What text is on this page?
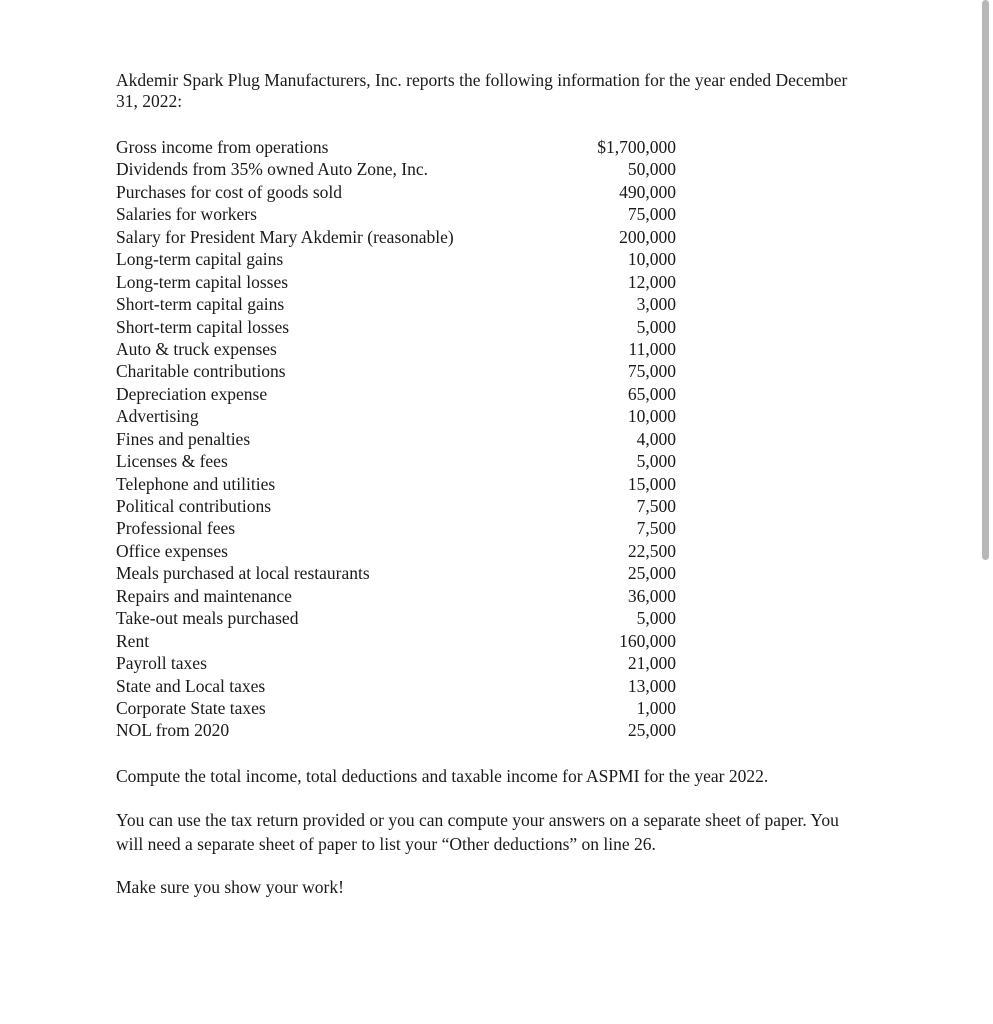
Akdemir Spark Plug Manufacturers, Inc. reports the following information for the year ended December 31, 2022:

Gross income from operations	$1,700,000
Dividends from 35% owned Auto Zone, Inc.	50,000
Purchases for cost of goods sold	490,000
Salaries for workers	75,000
Salary for President Mary Akdemir (reasonable)	200,000
Long-term capital gains	10,000
Long-term capital losses	12,000
Short-term capital gains	3,000
Short-term capital losses	5,000
Auto & truck expenses	11,000
Charitable contributions	75,000
Depreciation expense	65,000
Advertising	10,000
Fines and penalties	4,000
Licenses & fees	5,000
Telephone and utilities	15,000
Political contributions	7,500
Professional fees	7,500
Office expenses	22,500
Meals purchased at local restaurants	25,000
Repairs and maintenance	36,000
Take-out meals purchased	5,000
Rent	160,000
Payroll taxes	21,000
State and Local taxes	13,000
Corporate State taxes	1,000
NOL from 2020	25,000

Compute the total income, total deductions and taxable income for ASPMI for the year 2022.

You can use the tax return provided or you can compute your answers on a separate sheet of paper. You will need a separate sheet of paper to list your “Other deductions” on line 26.

Make sure you show your work!
